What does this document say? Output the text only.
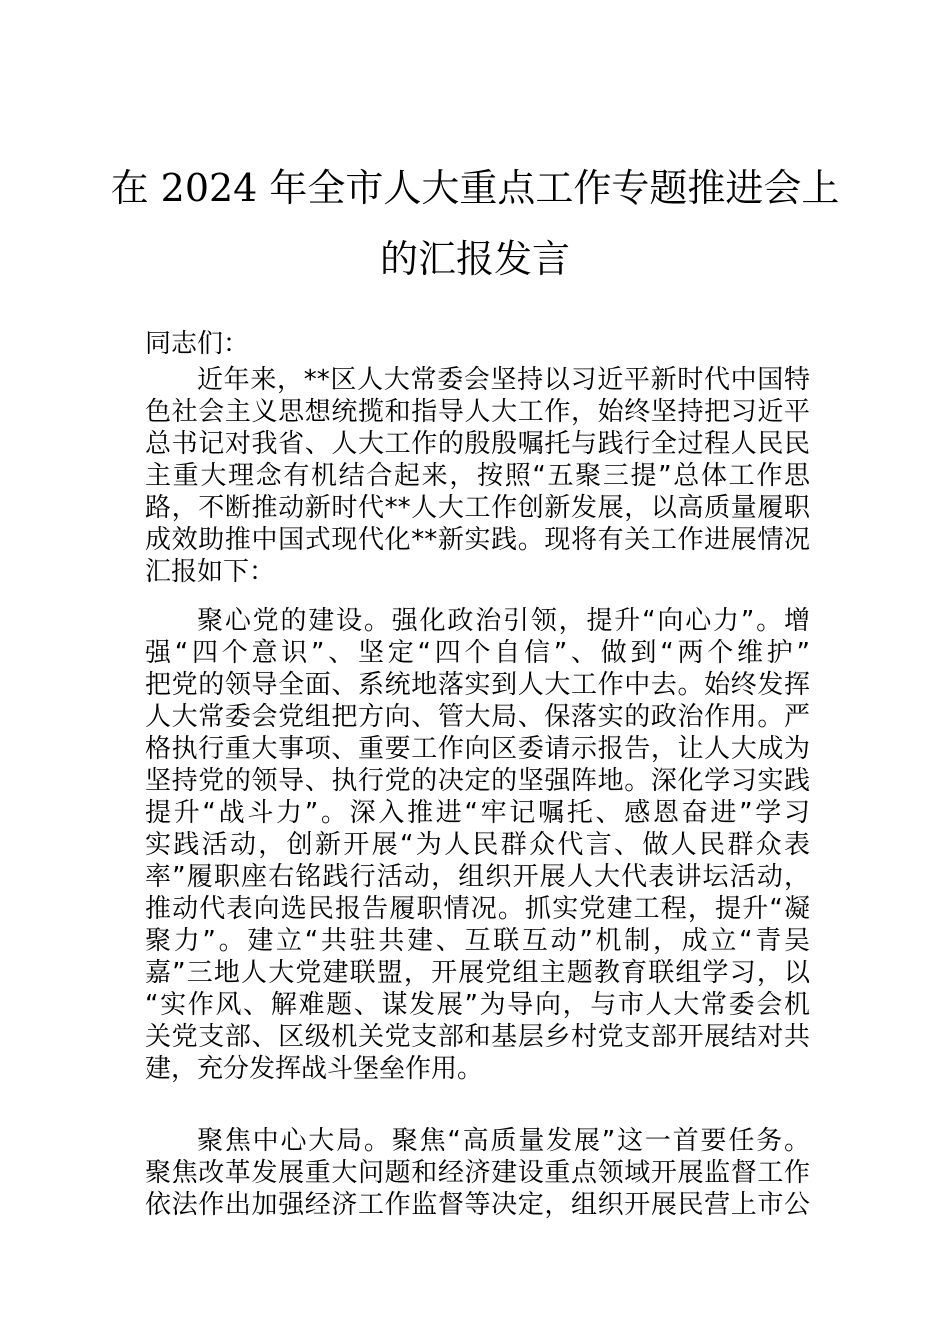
在 2024 年全市人大重点工作专题推进会上
的汇报发言
同志们：
近年来，**区人大常委会坚持以习近平新时代中国特
色社会主义思想统揽和指导人大工作，始终坚持把习近平
总书记对我省、人大工作的殷殷嘱托与践行全过程人民民
主重大理念有机结合起来，按照“五聚三提”总体工作思
路，不断推动新时代**人大工作创新发展，以高质量履职
成效助推中国式现代化**新实践。现将有关工作进展情况
汇报如下：
聚心党的建设。强化政治引领，提升“向心力”。增
强“四个意识”、坚定“四个自信”、做到“两个维护”
把党的领导全面、系统地落实到人大工作中去。始终发挥
人大常委会党组把方向、管大局、保落实的政治作用。严
格执行重大事项、重要工作向区委请示报告，让人大成为
坚持党的领导、执行党的决定的坚强阵地。深化学习实践
提升“战斗力”。深入推进“牢记嘱托、感恩奋进”学习
实践活动，创新开展“为人民群众代言、做人民群众表
率”履职座右铭践行活动，组织开展人大代表讲坛活动，
推动代表向选民报告履职情况。抓实党建工程，提升“凝
聚力”。建立“共驻共建、互联互动”机制，成立“青吴
嘉”三地人大党建联盟，开展党组主题教育联组学习，以
“实作风、解难题、谋发展”为导向，与市人大常委会机
关党支部、区级机关党支部和基层乡村党支部开展结对共
建，充分发挥战斗堡垒作用。
聚焦中心大局。聚焦“高质量发展”这一首要任务。
聚焦改革发展重大问题和经济建设重点领域开展监督工作
依法作出加强经济工作监督等决定，组织开展民营上市公
